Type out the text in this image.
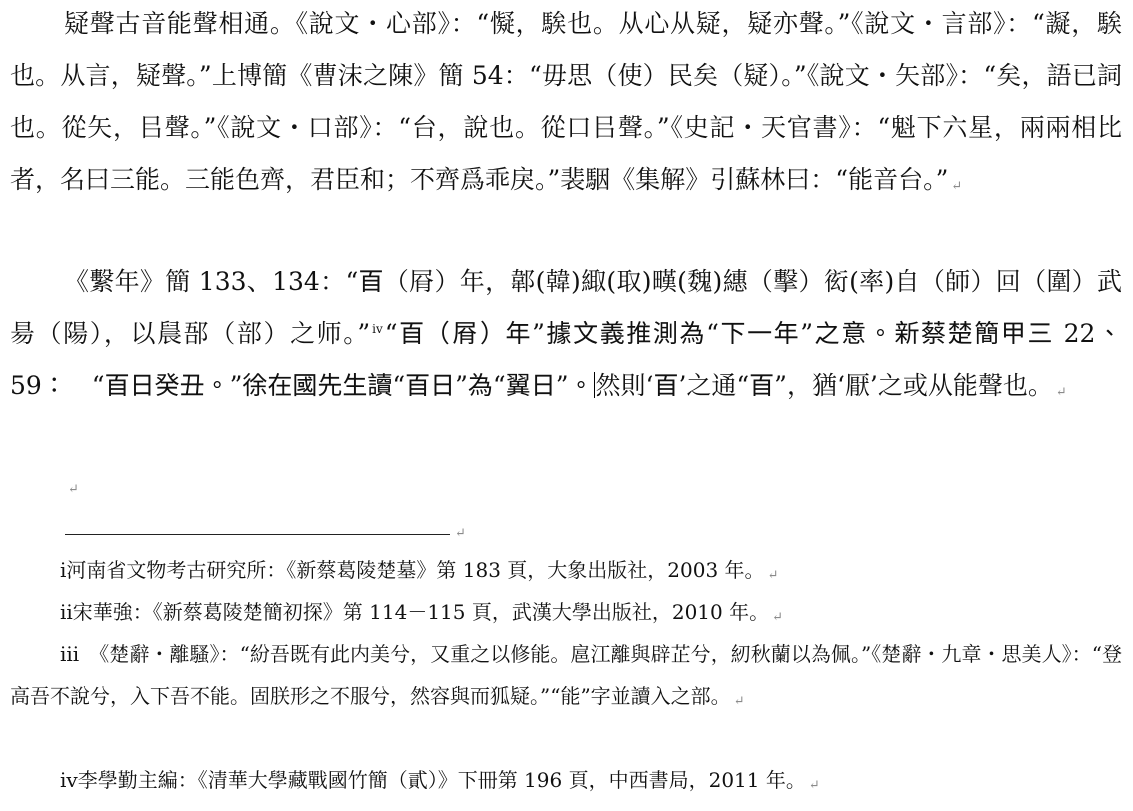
疑聲古音能聲相通。《說文・心部》：“懝，騃也。从心从疑，疑亦聲。”《說文・言部》：“譺，騃也。从言，疑聲。”上博簡《曹沫之陳》簡 54：“毋思（使）民矣（疑）。”《說文・矢部》：“矣，語已詞也。從矢，㠯聲。”《說文・口部》：“台，說也。從口㠯聲。”《史記・天官書》：“魁下六星，兩兩相比者，名曰三能。三能色齊，君臣和；不齊爲乖戾。”裴駰《集解》引蘇林曰：“能音台。” ↵

《繫年》簡 133、134：“𦣻（㞕）年，郼(韓)緅(取)𤳉(魏)繐（擊）衒(率)自（師）回（圍）武昜（陽），以䢅郚（部）之师。” $^{iv}$“𦣻（㞕）年”據文義推測為“下一年”之意。新蔡楚簡甲三 22、59：　“𦣻日癸丑。”徐在國先生讀“𦣻日”為“翼日”。然則‘𦣻’之通“𦣻”，猶‘厭’之或从能聲也。 ↵

↵
↵

i河南省文物考古研究所：《新蔡葛陵楚墓》第 183 頁，大象出版社，2003 年。 ↵

ii宋華強：《新蔡葛陵楚簡初探》第 114－115 頁，武漢大學出版社，2010 年。 ↵

iii　《楚辭・離騷》：“紛吾既有此内美兮，又重之以修能。扈江離與辟芷兮，紉秋蘭以為佩。”《楚辭・九章・思美人》：“登高吾不說兮，入下吾不能。固朕形之不服兮，然容與而狐疑。”“能”字並讀入之部。 ↵

iv李學勤主編：《清華大學藏戰國竹簡（貳）》下冊第 196 頁，中西書局，2011 年。 ↵
